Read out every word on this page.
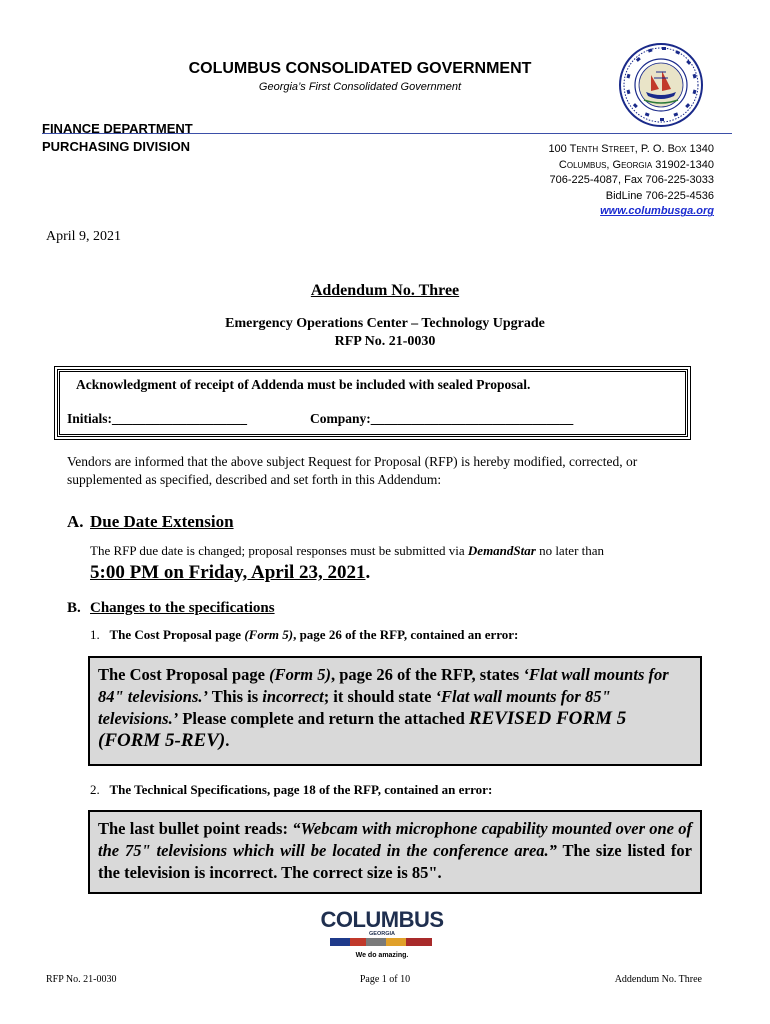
COLUMBUS CONSOLIDATED GOVERNMENT
Georgia’s First Consolidated Government
FINANCE DEPARTMENT
PURCHASING DIVISION	100 Tenth Street, P. O. Box 1340
Columbus, Georgia 31902-1340
706-225-4087, Fax 706-225-3033
BidLine 706-225-4536
www.columbusga.org
April 9, 2021
Addendum No. Three
Emergency Operations Center – Technology Upgrade
RFP No. 21-0030
Acknowledgment of receipt of Addenda must be included with sealed Proposal.
Initials:____________________	Company:______________________________
Vendors are informed that the above subject Request for Proposal (RFP) is hereby modified, corrected, or supplemented as specified, described and set forth in this Addendum:
A. Due Date Extension
The RFP due date is changed; proposal responses must be submitted via DemandStar no later than
5:00 PM on Friday, April 23, 2021.
B. Changes to the specifications
1. The Cost Proposal page (Form 5), page 26 of the RFP, contained an error:
The Cost Proposal page (Form 5), page 26 of the RFP, states ‘Flat wall mounts for 84" televisions.’ This is incorrect; it should state ‘Flat wall mounts for 85" televisions.’ Please complete and return the attached REVISED FORM 5 (FORM 5-REV).
2. The Technical Specifications, page 18 of the RFP, contained an error:
The last bullet point reads: “Webcam with microphone capability mounted over one of the 75" televisions which will be located in the conference area.” The size listed for the television is incorrect. The correct size is 85".
COLUMBUS
GEORGIA
We do amazing.
RFP No. 21-0030	Page 1 of 10	Addendum No. Three
